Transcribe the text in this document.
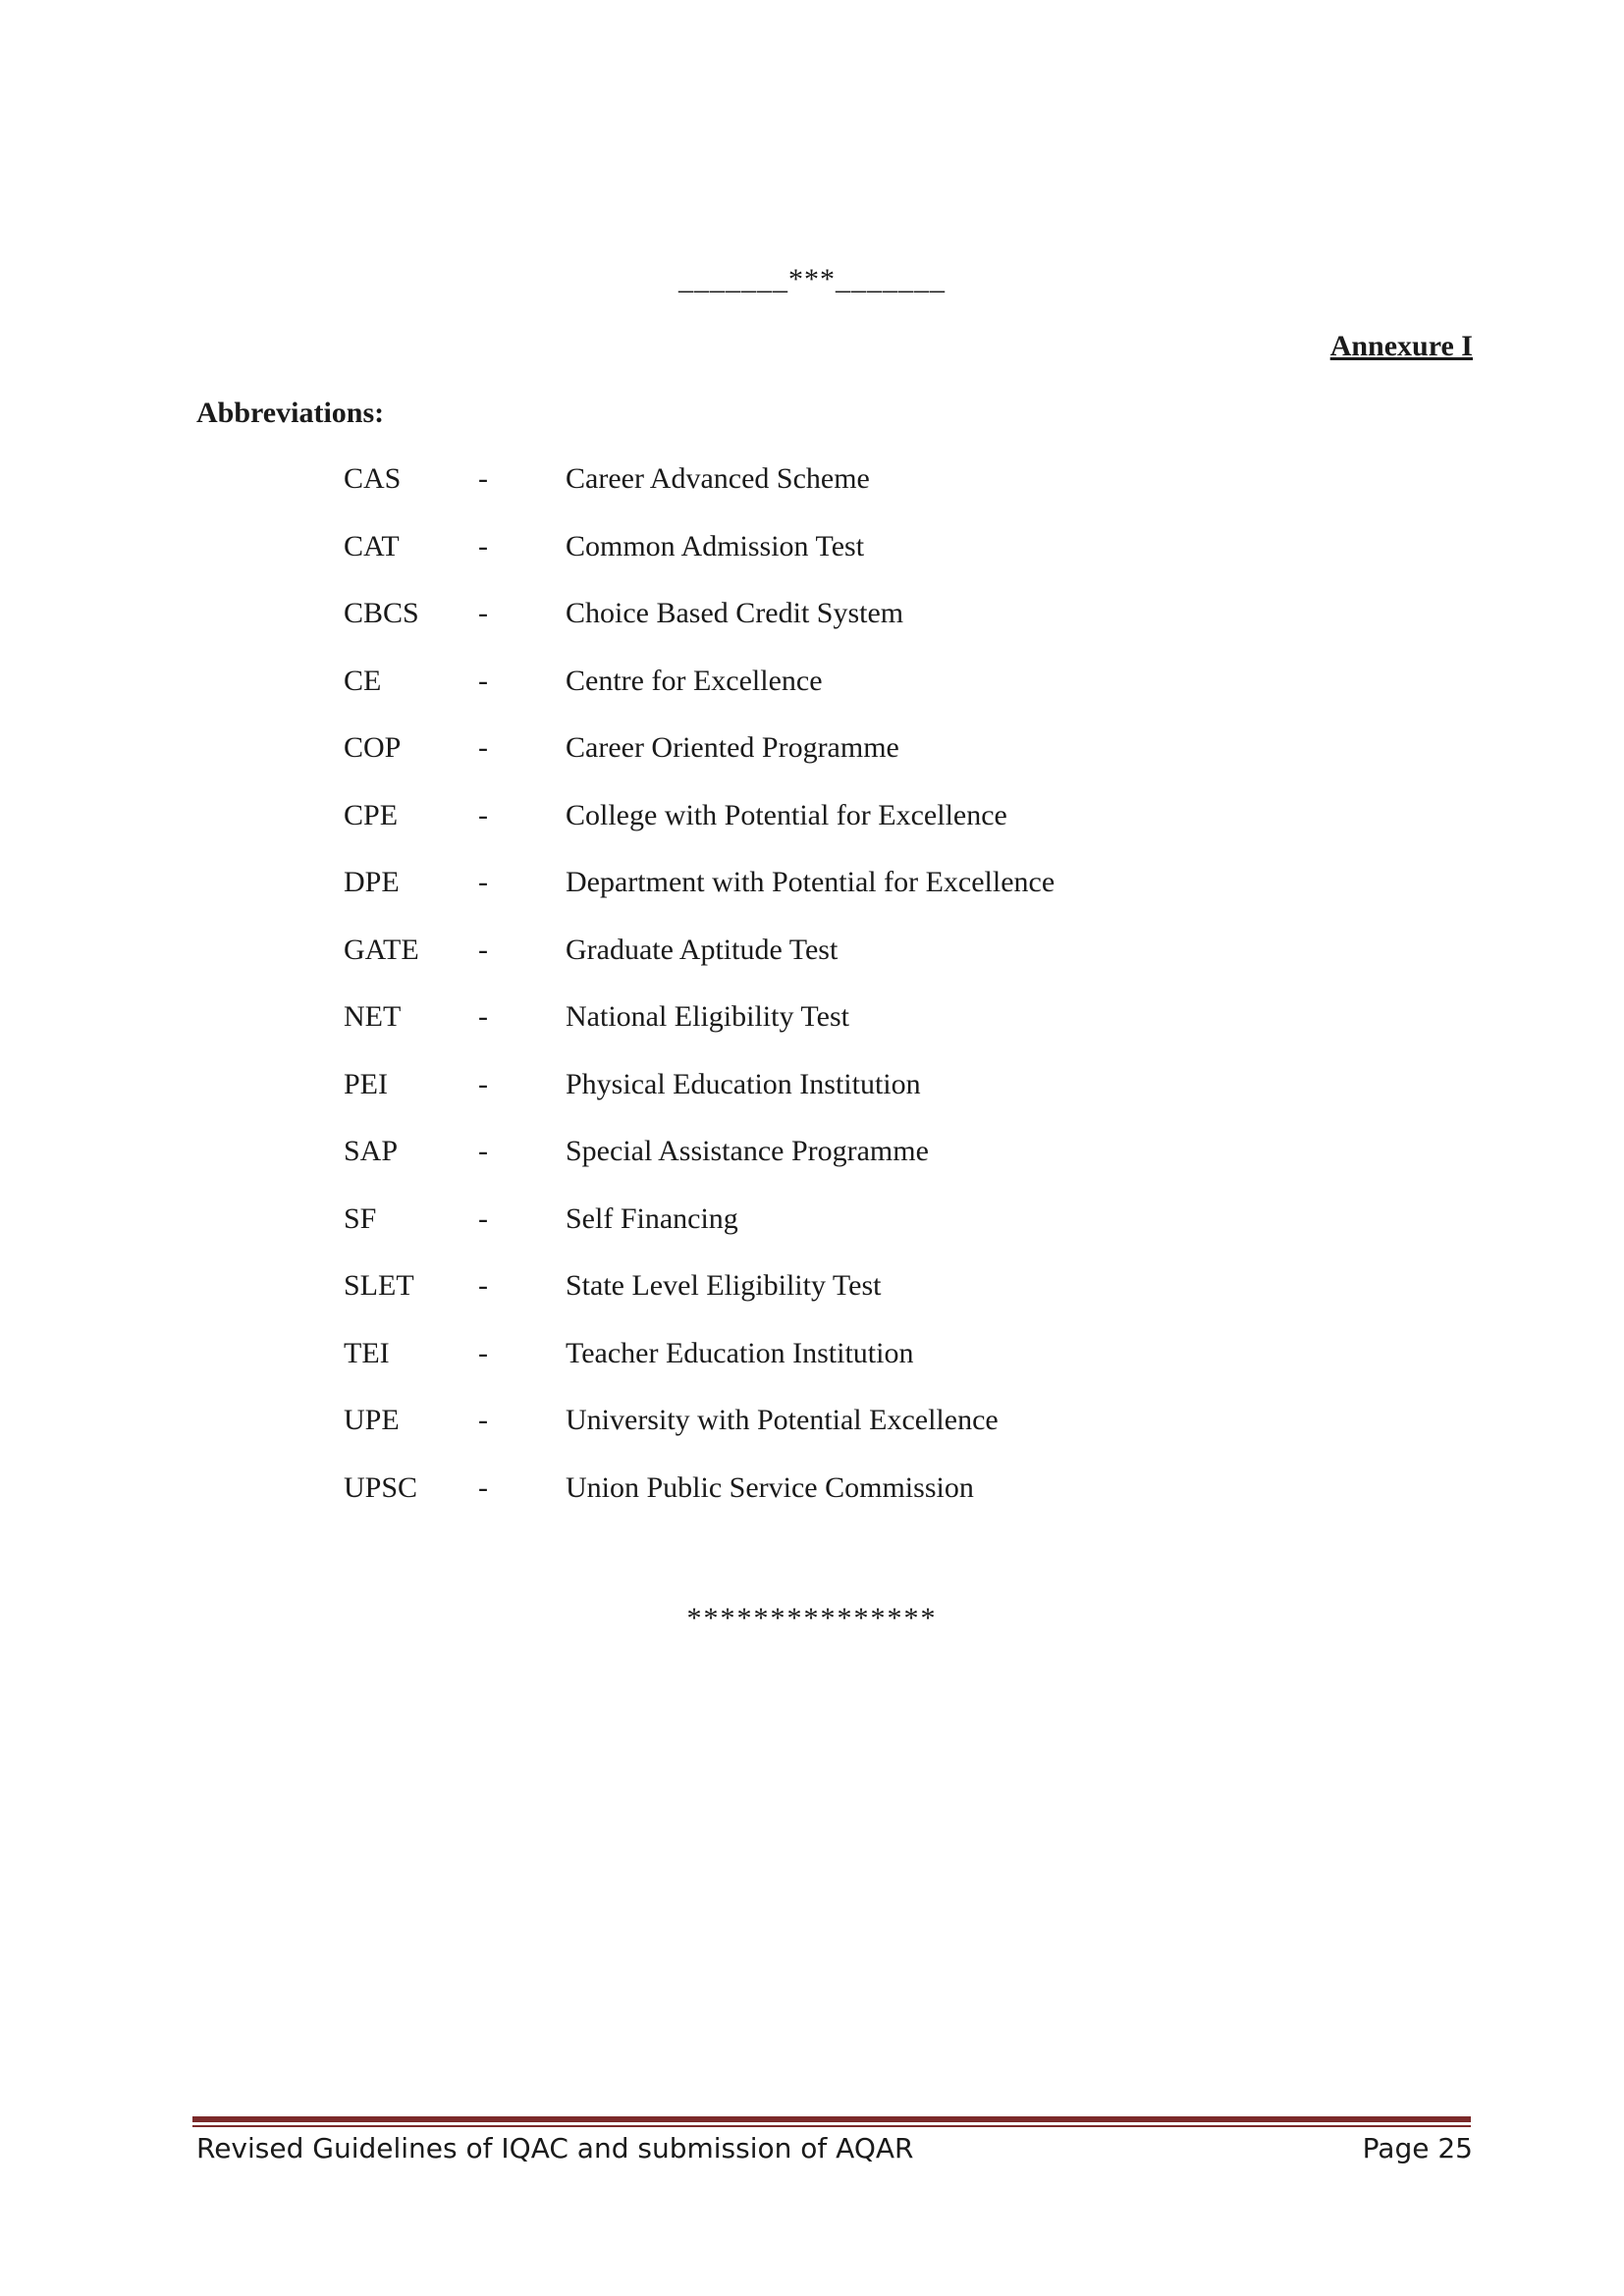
_______***_______
Annexure I
Abbreviations:
CAS	-	Career Advanced Scheme
CAT	-	Common Admission Test
CBCS -	Choice Based Credit System
CE	-	Centre for Excellence
COP	-	Career Oriented Programme
CPE	-	College with Potential for Excellence
DPE	-	Department with Potential for Excellence
GATE -	Graduate Aptitude Test
NET	-	National Eligibility Test
PEI	-	Physical Education Institution
SAP	-	Special Assistance Programme
SF	-	Self Financing
SLET -	State Level Eligibility Test
TEI	-	Teacher Education Institution
UPE	-	University with Potential Excellence
UPSC -	Union Public Service Commission
***************
Revised Guidelines of IQAC and submission of AQAR	Page 25
